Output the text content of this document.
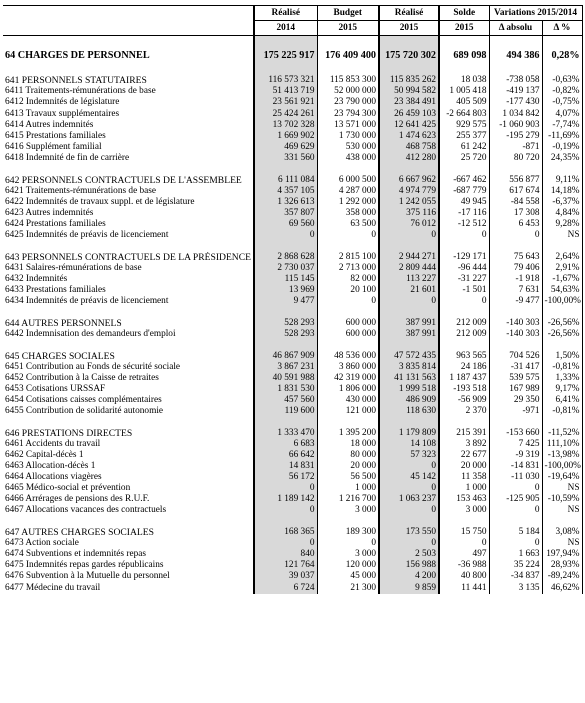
	Réalisé	Budget	Réalisé	Solde	Variations 2015/2014	
	2014	2015	2015	2015	Δ absolu	Δ %

64 CHARGES DE PERSONNEL	175 225 917	176 409 400	175 720 302	689 098	494 386	0,28%

641 PERSONNELS STATUTAIRES	116 573 321	115 853 300	115 835 262	18 038	-738 058	-0,63%
6411 Traitements-rémunérations de base	51 413 719	52 000 000	50 994 582	1 005 418	-419 137	-0,82%
6412 Indemnités de législature	23 561 921	23 790 000	23 384 491	405 509	-177 430	-0,75%
6413 Travaux supplémentaires	25 424 261	23 794 300	26 459 103	-2 664 803	1 034 842	4,07%
6414 Autres indemnités	13 702 328	13 571 000	12 641 425	929 575	-1 060 903	-7,74%
6415 Prestations familiales	1 669 902	1 730 000	1 474 623	255 377	-195 279	-11,69%
6416 Supplément familial	469 629	530 000	468 758	61 242	-871	-0,19%
6418 Indemnité de fin de carrière	331 560	438 000	412 280	25 720	80 720	24,35%

642 PERSONNELS CONTRACTUELS DE L'ASSEMBLEE	6 111 084	6 000 500	6 667 962	-667 462	556 877	9,11%
6421 Traitements-rémunérations de base	4 357 105	4 287 000	4 974 779	-687 779	617 674	14,18%
6422 Indemnités de travaux suppl. et de législature	1 326 613	1 292 000	1 242 055	49 945	-84 558	-6,37%
6423 Autres indemnités	357 807	358 000	375 116	-17 116	17 308	4,84%
6424 Prestations familiales	69 560	63 500	76 012	-12 512	6 453	9,28%
6425 Indemnités de préavis de licenciement	0	0	0	0	0	NS

643 PERSONNELS CONTRACTUELS DE LA PRÉSIDENCE	2 868 628	2 815 100	2 944 271	-129 171	75 643	2,64%
6431 Salaires-rémunérations de base	2 730 037	2 713 000	2 809 444	-96 444	79 406	2,91%
6432 Indemnités	115 145	82 000	113 227	-31 227	-1 918	-1,67%
6433 Prestations familiales	13 969	20 100	21 601	-1 501	7 631	54,63%
6434 Indemnités de préavis de licenciement	9 477	0	0	0	-9 477	-100,00%

644 AUTRES PERSONNELS	528 293	600 000	387 991	212 009	-140 303	-26,56%
6442 Indemnisation des demandeurs d'emploi	528 293	600 000	387 991	212 009	-140 303	-26,56%

645 CHARGES SOCIALES	46 867 909	48 536 000	47 572 435	963 565	704 526	1,50%
6451 Contribution au Fonds de sécurité sociale	3 867 231	3 860 000	3 835 814	24 186	-31 417	-0,81%
6452 Contribution à la Caisse de retraites	40 591 988	42 319 000	41 131 563	1 187 437	539 575	1,33%
6453 Cotisations URSSAF	1 831 530	1 806 000	1 999 518	-193 518	167 989	9,17%
6454 Cotisations caisses complémentaires	457 560	430 000	486 909	-56 909	29 350	6,41%
6455 Contribution de solidarité autonomie	119 600	121 000	118 630	2 370	-971	-0,81%

646 PRESTATIONS DIRECTES	1 333 470	1 395 200	1 179 809	215 391	-153 660	-11,52%
6461 Accidents du travail	6 683	18 000	14 108	3 892	7 425	111,10%
6462 Capital-décès 1	66 642	80 000	57 323	22 677	-9 319	-13,98%
6463 Allocation-décès 1	14 831	20 000	0	20 000	-14 831	-100,00%
6464 Allocations viagères	56 172	56 500	45 142	11 358	-11 030	-19,64%
6465 Médico-social et prévention	0	1 000	0	1 000	0	NS
6466 Arrérages de pensions des R.U.F.	1 189 142	1 216 700	1 063 237	153 463	-125 905	-10,59%
6467 Allocations vacances des contractuels	0	3 000	0	3 000	0	NS

647 AUTRES CHARGES SOCIALES	168 365	189 300	173 550	15 750	5 184	3,08%
6473 Action sociale	0	0	0	0	0	NS
6474 Subventions et indemnités repas	840	3 000	2 503	497	1 663	197,94%
6475 Indemnités repas gardes républicains	121 764	120 000	156 988	-36 988	35 224	28,93%
6476 Subvention à la Mutuelle du personnel	39 037	45 000	4 200	40 800	-34 837	-89,24%
6477 Médecine du travail	6 724	21 300	9 859	11 441	3 135	46,62%
